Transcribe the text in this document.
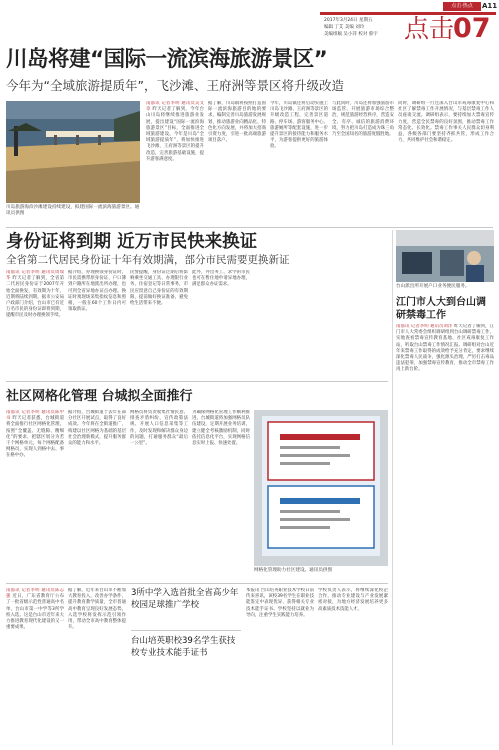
点击·热点	A11
2017年3月24日 星期五
编辑 丁艾 美编 刘玲
美编组稿 吴小萍 校对 蔡宇 点击
07
川岛将建“国际一流滨海旅游景区”
今年为“全域旅游提质年”，飞沙滩、王府洲等景区将升级改造
川岛旅游海滨沙滩建设持续建设，拟建国际一流滨海旅游景区。通讯员供图
南都讯 记者李明 通讯员吴文章 昨天记者了解到，今年台山川岛将继续推进旅游业发展，提出建设“国际一流滨海旅游景区”目标，全面推进全域旅游建设。今年是川岛“全域旅游提质年”，将加快推进飞沙滩、王府洲等景区的提升改造，完善旅游基础设施，提升游客满意度。
据了解，川岛镇将按照打造国际一流滨海旅游目的地的要求，编制完善川岛旅游发展规划，推动旅游业向精品化、特色化方向发展，并将加大招商引资力度，引进一批高端旅游项目落户。
今年，川岛镇还将启动实施上川岛飞沙滩、王府洲等景区的升级改造工程，完善景区道路、停车场、游客服务中心、旅游厕所等配套设施，进一步提升景区的接待能力和服务水平，为游客提供更好的旅游体验。
与此同时，川岛还将加强旅游市场监管，开展旅游市场综合整治，规范旅游经营秩序，营造安全、有序、诚信的旅游消费环境，努力把川岛打造成为珠三角乃至全国知名的旅游度假胜地。
同时，调研组一行还深入台山市戒毒康复中心和社区了解禁毒工作开展情况，与基层禁毒工作人员座谈交流。调研组表示，要持续加大禁毒宣传力度，营造全民禁毒的良好氛围，推动禁毒工作常态化、长效化。禁毒工作事关人民群众切身利益，各级各部门要坚持齐抓共管，形成工作合力，共同维护社会和谐稳定。
身份证将到期 近万市民快来换证
全省第二代居民身份证十年有效期满，部分市民需要更换新证
南都讯 记者李明 通讯员周瑞华 昨天记者了解到，全省第二代居民身份证于2007年开始全面换发，有效期为十年，近期将陆续到期。据市公安局户政部门介绍，台山市已有近万名市民的身份证即将到期，提醒市民及时办理换领手续。
据介绍，办理换领身份证时，市民需携带原身份证、户口簿到户籍所在地派出所办理，也可到全省异地办证点办理。换证时须现场采集指纹信息和照相，一般在60个工作日内可领取新证。
民警提醒，身份证过期后将影响乘坐交通工具、办理银行业务、住宿登记等日常事务，市民应留意自己身份证的有效期限，提前做好换证准备，避免给生活带来不便。
此外，外出务工、求学的市民也可在暂住地申请异地办理，满足群众办证需求。	台山派出所开展户口业务便民服务。
江门市人大到台山调研禁毒工作
南都讯 记者李明 通讯员刘洋 昨天记者了解到，江门市人大常委会组织调研组到台山调研禁毒工作，实地查看禁毒宣传教育基地、社区戒毒康复工作站，听取台山禁毒工作情况汇报。调研组对台山近年来禁毒工作取得的成效给予充分肯定，要求继续深化禁毒人民战争，强化源头治理，严厉打击毒品违法犯罪，加强禁毒宣传教育，推动全市禁毒工作再上新台阶。
社区网格化管理 台城拟全面推行
南都讯 记者李明 通讯员陈中书 昨天记者获悉，台城街道将全面推行社区网格化管理，按照“全覆盖、无缝隙、精细化”的要求，把辖区划分为若干个网格单元，每个网格配备网格员，实现人到格中去、事在格中办。
据介绍，台城街道于去年在部分社区开展试点，取得了良好成效。今年将在全街道推广，构建以社区网格为基础的基层社会治理新模式，提升服务群众的能力和水平。
网格员将负责收集社情民意、排查矛盾纠纷、宣传政策法规、开展人口信息采集等工作，及时发现和解决群众身边的问题，打通服务群众“最后一公里”。
为确保网格化管理工作顺利推进，台城街道将加强网格员队伍建设，定期开展业务培训，建立健全考核激励机制，同时依托信息化平台，实现网格信息实时上报、快速处置。
网格化管理助力社区建设。通讯员供图
南都讯 记者李明 通讯员陈志强 近日，广东省教育厅公布了一批省级示范性普通高中名单，台山市第一中学等3所学校入选。这是台山市近年来大力推进教育现代化建设的又一重要成果。
据了解，近年来台山市不断加大教育投入，改善办学条件，提升教育教学质量，全市普通高中教育呈现良好发展态势。入选学校将发挥示范引领作用，带动全市高中教育整体提升。
3所中学入选首批全省高少年校园足球推广学校
台山培英职校39名学生获技校专业技术能手证书
本报讯 台山培英职业技术学校日前传来喜讯，该校39名学生在职业技能鉴定中表现优异，获得相关专业技术能手证书。学校坚持以就业为导向，注重学生实践能力培养。
学校负责人表示，将继续深化校企合作，推动专业建设与产业发展紧密对接，为地方经济发展培养更多高素质技术技能人才。
